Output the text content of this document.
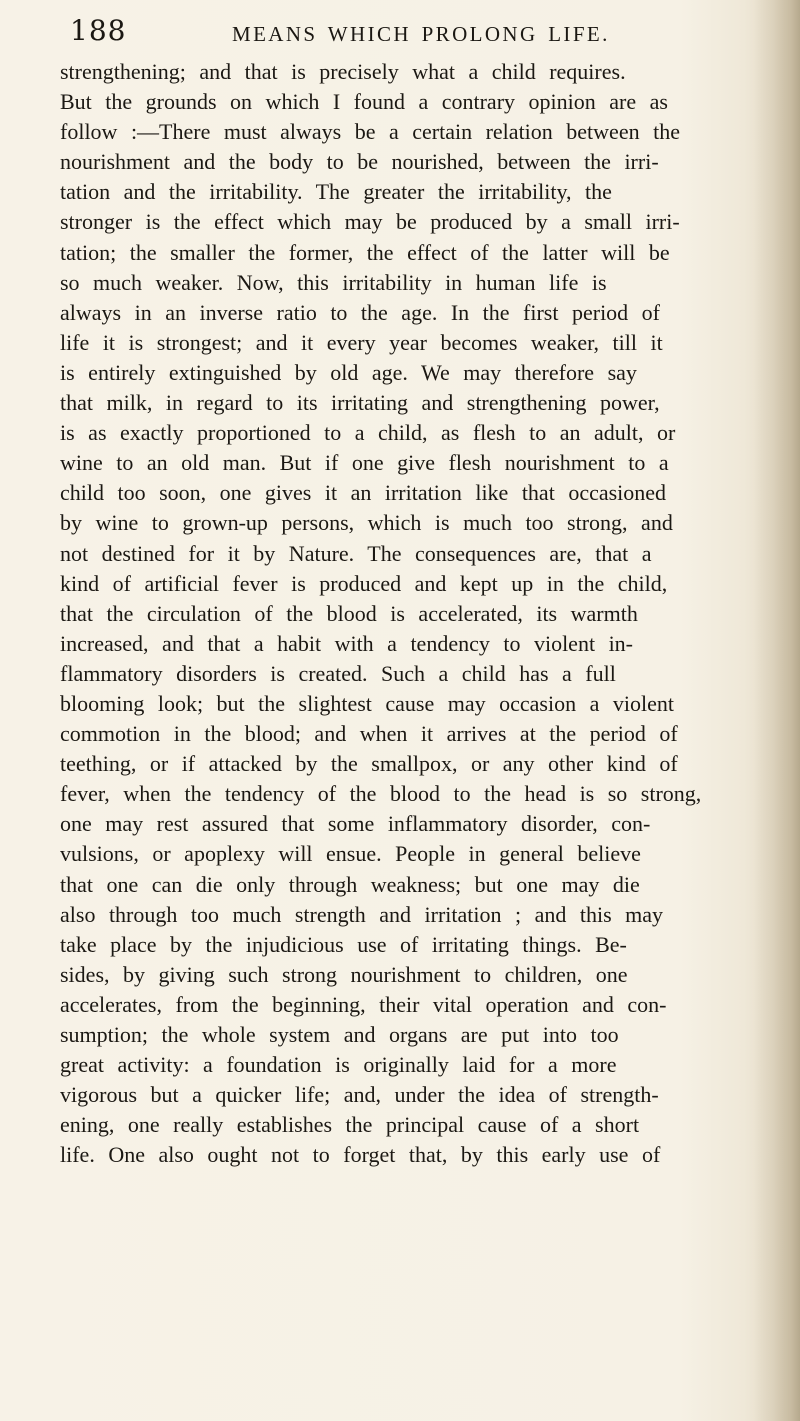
188	MEANS WHICH PROLONG LIFE.
strengthening; and that is precisely what a child requires.
But the grounds on which I found a contrary opinion are as
follow :—There must always be a certain relation between the
nourishment and the body to be nourished, between the irri-
tation and the irritability. The greater the irritability, the
stronger is the effect which may be produced by a small irri-
tation; the smaller the former, the effect of the latter will be
so much weaker. Now, this irritability in human life is
always in an inverse ratio to the age. In the first period of
life it is strongest; and it every year becomes weaker, till it
is entirely extinguished by old age. We may therefore say
that milk, in regard to its irritating and strengthening power,
is as exactly proportioned to a child, as flesh to an adult, or
wine to an old man. But if one give flesh nourishment to a
child too soon, one gives it an irritation like that occasioned
by wine to grown-up persons, which is much too strong, and
not destined for it by Nature. The consequences are, that a
kind of artificial fever is produced and kept up in the child,
that the circulation of the blood is accelerated, its warmth
increased, and that a habit with a tendency to violent in-
flammatory disorders is created. Such a child has a full
blooming look; but the slightest cause may occasion a violent
commotion in the blood; and when it arrives at the period of
teething, or if attacked by the smallpox, or any other kind of
fever, when the tendency of the blood to the head is so strong,
one may rest assured that some inflammatory disorder, con-
vulsions, or apoplexy will ensue. People in general believe
that one can die only through weakness; but one may die
also through too much strength and irritation ; and this may
take place by the injudicious use of irritating things. Be-
sides, by giving such strong nourishment to children, one
accelerates, from the beginning, their vital operation and con-
sumption; the whole system and organs are put into too
great activity: a foundation is originally laid for a more
vigorous but a quicker life; and, under the idea of strength-
ening, one really establishes the principal cause of a short
life. One also ought not to forget that, by this early use of
